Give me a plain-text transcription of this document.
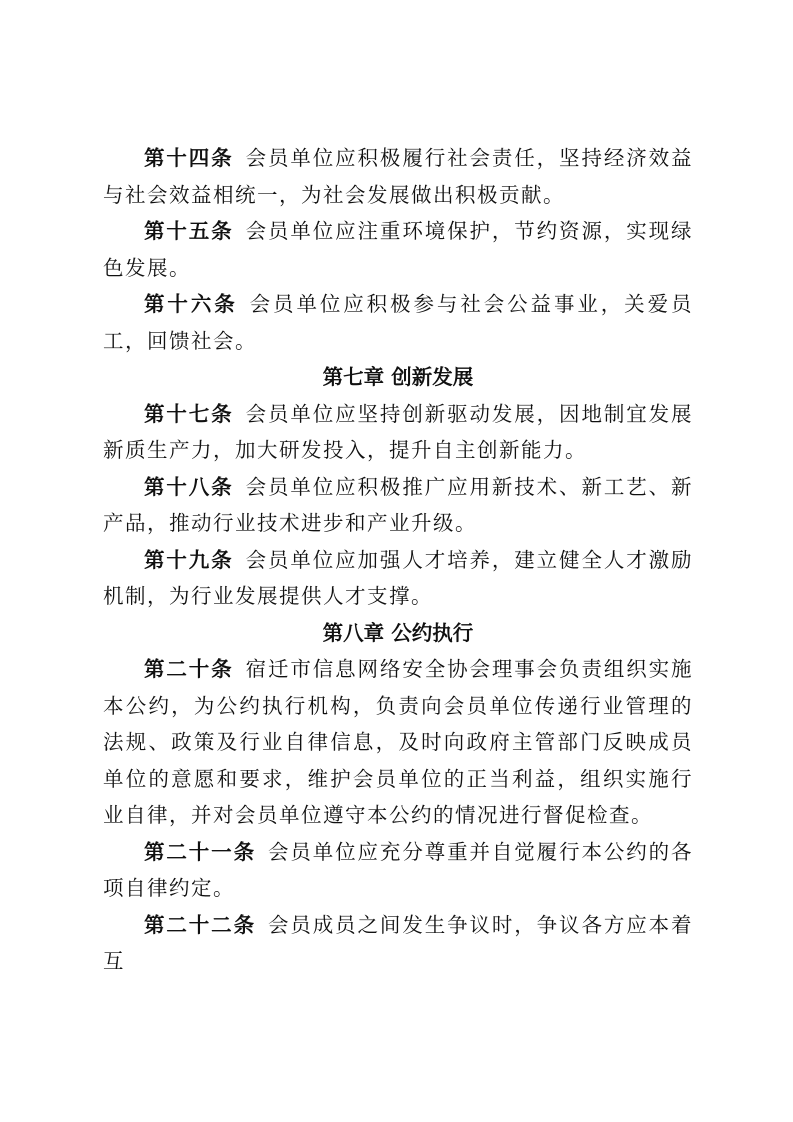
第十四条 会员单位应积极履行社会责任，坚持经济效益与社会效益相统一，为社会发展做出积极贡献。

第十五条 会员单位应注重环境保护，节约资源，实现绿色发展。

第十六条 会员单位应积极参与社会公益事业，关爱员工，回馈社会。

第七章 创新发展

第十七条 会员单位应坚持创新驱动发展，因地制宜发展新质生产力，加大研发投入，提升自主创新能力。

第十八条 会员单位应积极推广应用新技术、新工艺、新产品，推动行业技术进步和产业升级。

第十九条 会员单位应加强人才培养，建立健全人才激励机制，为行业发展提供人才支撑。

第八章 公约执行

第二十条 宿迁市信息网络安全协会理事会负责组织实施本公约，为公约执行机构，负责向会员单位传递行业管理的法规、政策及行业自律信息，及时向政府主管部门反映成员单位的意愿和要求，维护会员单位的正当利益，组织实施行业自律，并对会员单位遵守本公约的情况进行督促检查。

第二十一条 会员单位应充分尊重并自觉履行本公约的各项自律约定。

第二十二条 会员成员之间发生争议时，争议各方应本着互
